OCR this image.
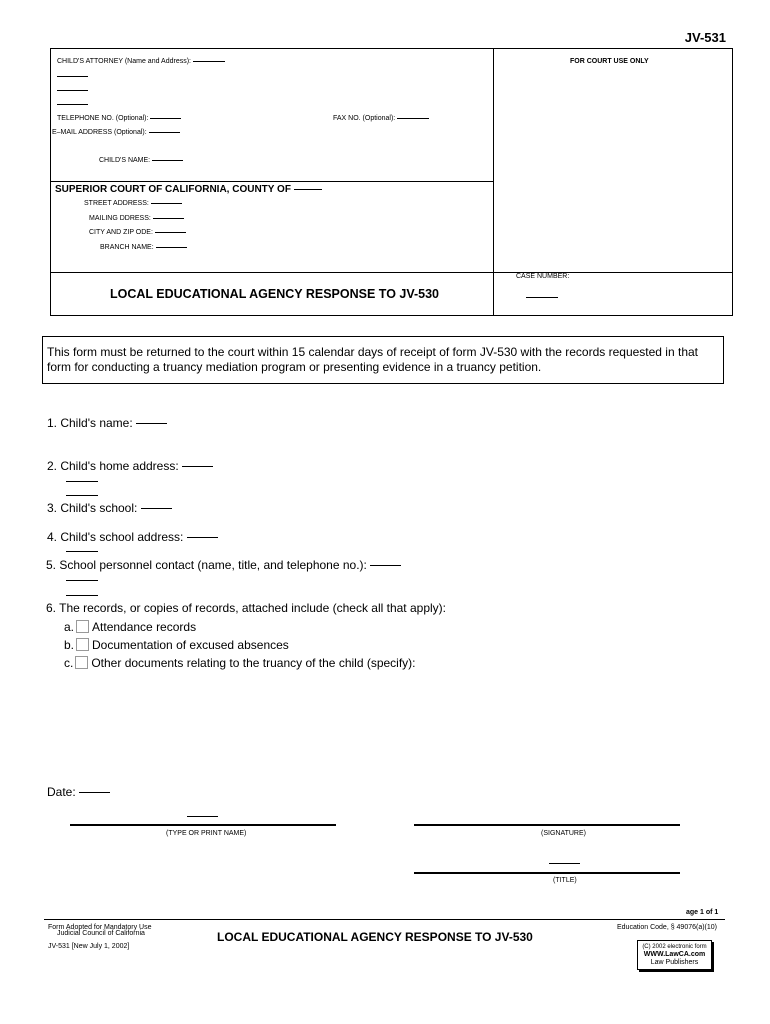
JV-531
CHILD'S ATTORNEY (Name and Address):	FOR COURT USE ONLY
TELEPHONE NO. (Optional):	FAX NO. (Optional):
E–MAIL ADDRESS (Optional):
CHILD'S NAME:
SUPERIOR COURT OF CALIFORNIA, COUNTY OF
STREET ADDRESS:
MAILING DDRESS:
CITY AND ZIP ODE:
BRANCH NAME:
CASE NUMBER:
LOCAL EDUCATIONAL AGENCY RESPONSE TO JV-530
This form must be returned to the court within 15 calendar days of receipt of form JV-530 with the records requested in that form for conducting a truancy mediation program or presenting evidence in a truancy petition.
1. Child's name:
2. Child's home address:
3. Child's school:
4. Child's school address:
5. School personnel contact (name, title, and telephone no.):
6. The records, or copies of records, attached include (check all that apply):
a. Attendance records
b. Documentation of excused absences
c. Other documents relating to the truancy of the child (specify):
Date:
(TYPE OR PRINT NAME)	(SIGNATURE)
(TITLE)
age 1 of 1
Form Adopted for Mandatory Use
Judicial Council of California
JV-531 [New July 1, 2002]
LOCAL EDUCATIONAL AGENCY RESPONSE TO JV-530
Education Code, § 49076(a)(10)
(C) 2002 electronic form
WWW.LawCA.com
Law Publishers
